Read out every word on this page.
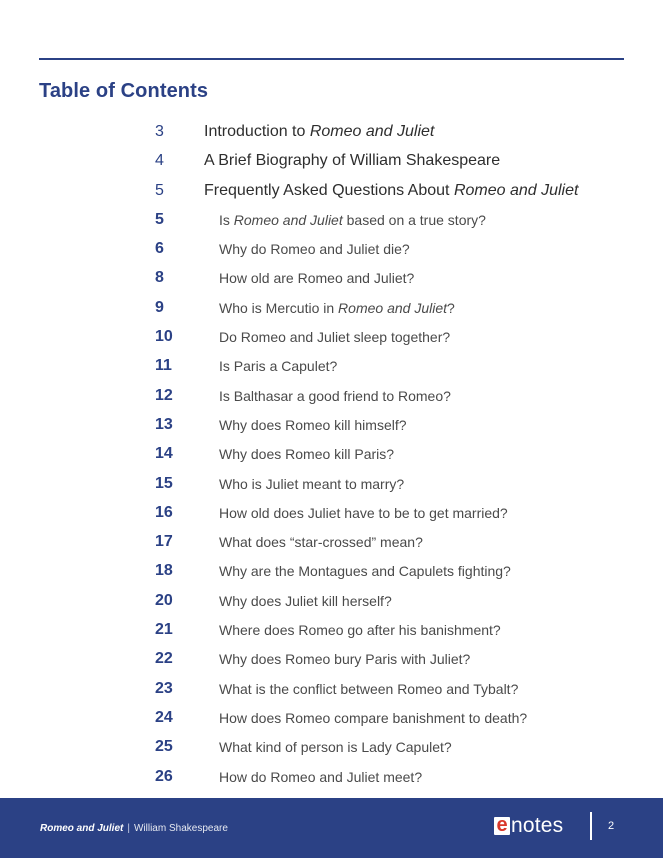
Table of Contents
3	Introduction to Romeo and Juliet
4	A Brief Biography of William Shakespeare
5	Frequently Asked Questions About Romeo and Juliet
5	Is Romeo and Juliet based on a true story?
6	Why do Romeo and Juliet die?
8	How old are Romeo and Juliet?
9	Who is Mercutio in Romeo and Juliet?
10	Do Romeo and Juliet sleep together?
11	Is Paris a Capulet?
12	Is Balthasar a good friend to Romeo?
13	Why does Romeo kill himself?
14	Why does Romeo kill Paris?
15	Who is Juliet meant to marry?
16	How old does Juliet have to be to get married?
17	What does “star-crossed” mean?
18	Why are the Montagues and Capulets fighting?
20	Why does Juliet kill herself?
21	Where does Romeo go after his banishment?
22	Why does Romeo bury Paris with Juliet?
23	What is the conflict between Romeo and Tybalt?
24	How does Romeo compare banishment to death?
25	What kind of person is Lady Capulet?
26	How do Romeo and Juliet meet?
Romeo and Juliet | William Shakespeare	e notes	2
